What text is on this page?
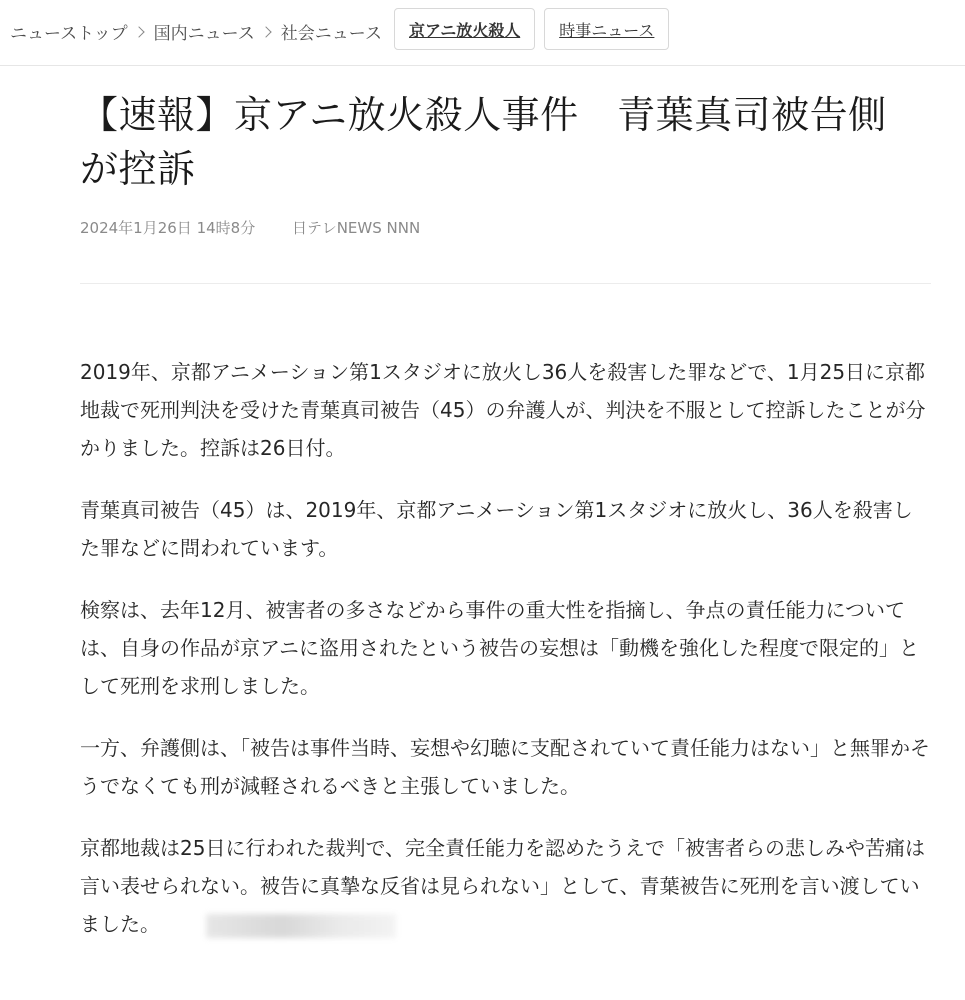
ニューストップ 国内ニュース 社会ニュース	京アニ放火殺人	時事ニュース
【速報】京アニ放火殺人事件　青葉真司被告側が控訴
2024年1月26日 14時8分 日テレNEWS NNN

2019年、京都アニメーション第1スタジオに放火し36人を殺害した罪などで、1月25日に京都地裁で死刑判決を受けた青葉真司被告（45）の弁護人が、判決を不服として控訴したことが分かりました。控訴は26日付。

青葉真司被告（45）は、2019年、京都アニメーション第1スタジオに放火し、36人を殺害した罪などに問われています。

検察は、去年12月、被害者の多さなどから事件の重大性を指摘し、争点の責任能力については、自身の作品が京アニに盗用されたという被告の妄想は「動機を強化した程度で限定的」として死刑を求刑しました。

一方、弁護側は、「被告は事件当時、妄想や幻聴に支配されていて責任能力はない」と無罪かそうでなくても刑が減軽されるべきと主張していました。

京都地裁は25日に行われた裁判で、完全責任能力を認めたうえで「被害者らの悲しみや苦痛は言い表せられない。被告に真摯な反省は見られない」として、青葉被告に死刑を言い渡していました。
